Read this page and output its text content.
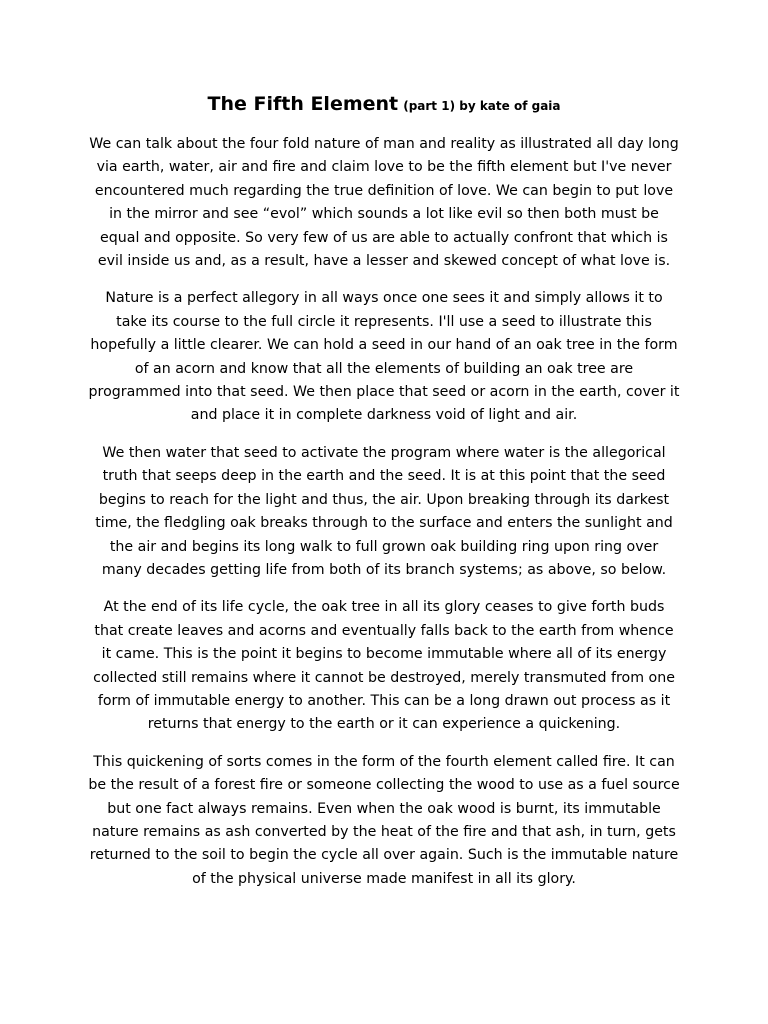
The Fifth Element (part 1) by kate of gaia

We can talk about the four fold nature of man and reality as illustrated all day long via earth, water, air and fire and claim love to be the fifth element but I've never encountered much regarding the true definition of love. We can begin to put love in the mirror and see “evol” which sounds a lot like evil so then both must be equal and opposite. So very few of us are able to actually confront that which is evil inside us and, as a result, have a lesser and skewed concept of what love is.

Nature is a perfect allegory in all ways once one sees it and simply allows it to take its course to the full circle it represents. I'll use a seed to illustrate this hopefully a little clearer. We can hold a seed in our hand of an oak tree in the form of an acorn and know that all the elements of building an oak tree are programmed into that seed. We then place that seed or acorn in the earth, cover it and place it in complete darkness void of light and air.

We then water that seed to activate the program where water is the allegorical truth that seeps deep in the earth and the seed. It is at this point that the seed begins to reach for the light and thus, the air. Upon breaking through its darkest time, the fledgling oak breaks through to the surface and enters the sunlight and the air and begins its long walk to full grown oak building ring upon ring over many decades getting life from both of its branch systems; as above, so below.

At the end of its life cycle, the oak tree in all its glory ceases to give forth buds that create leaves and acorns and eventually falls back to the earth from whence it came. This is the point it begins to become immutable where all of its energy collected still remains where it cannot be destroyed, merely transmuted from one form of immutable energy to another. This can be a long drawn out process as it returns that energy to the earth or it can experience a quickening.

This quickening of sorts comes in the form of the fourth element called fire. It can be the result of a forest fire or someone collecting the wood to use as a fuel source but one fact always remains. Even when the oak wood is burnt, its immutable nature remains as ash converted by the heat of the fire and that ash, in turn, gets returned to the soil to begin the cycle all over again. Such is the immutable nature of the physical universe made manifest in all its glory.
